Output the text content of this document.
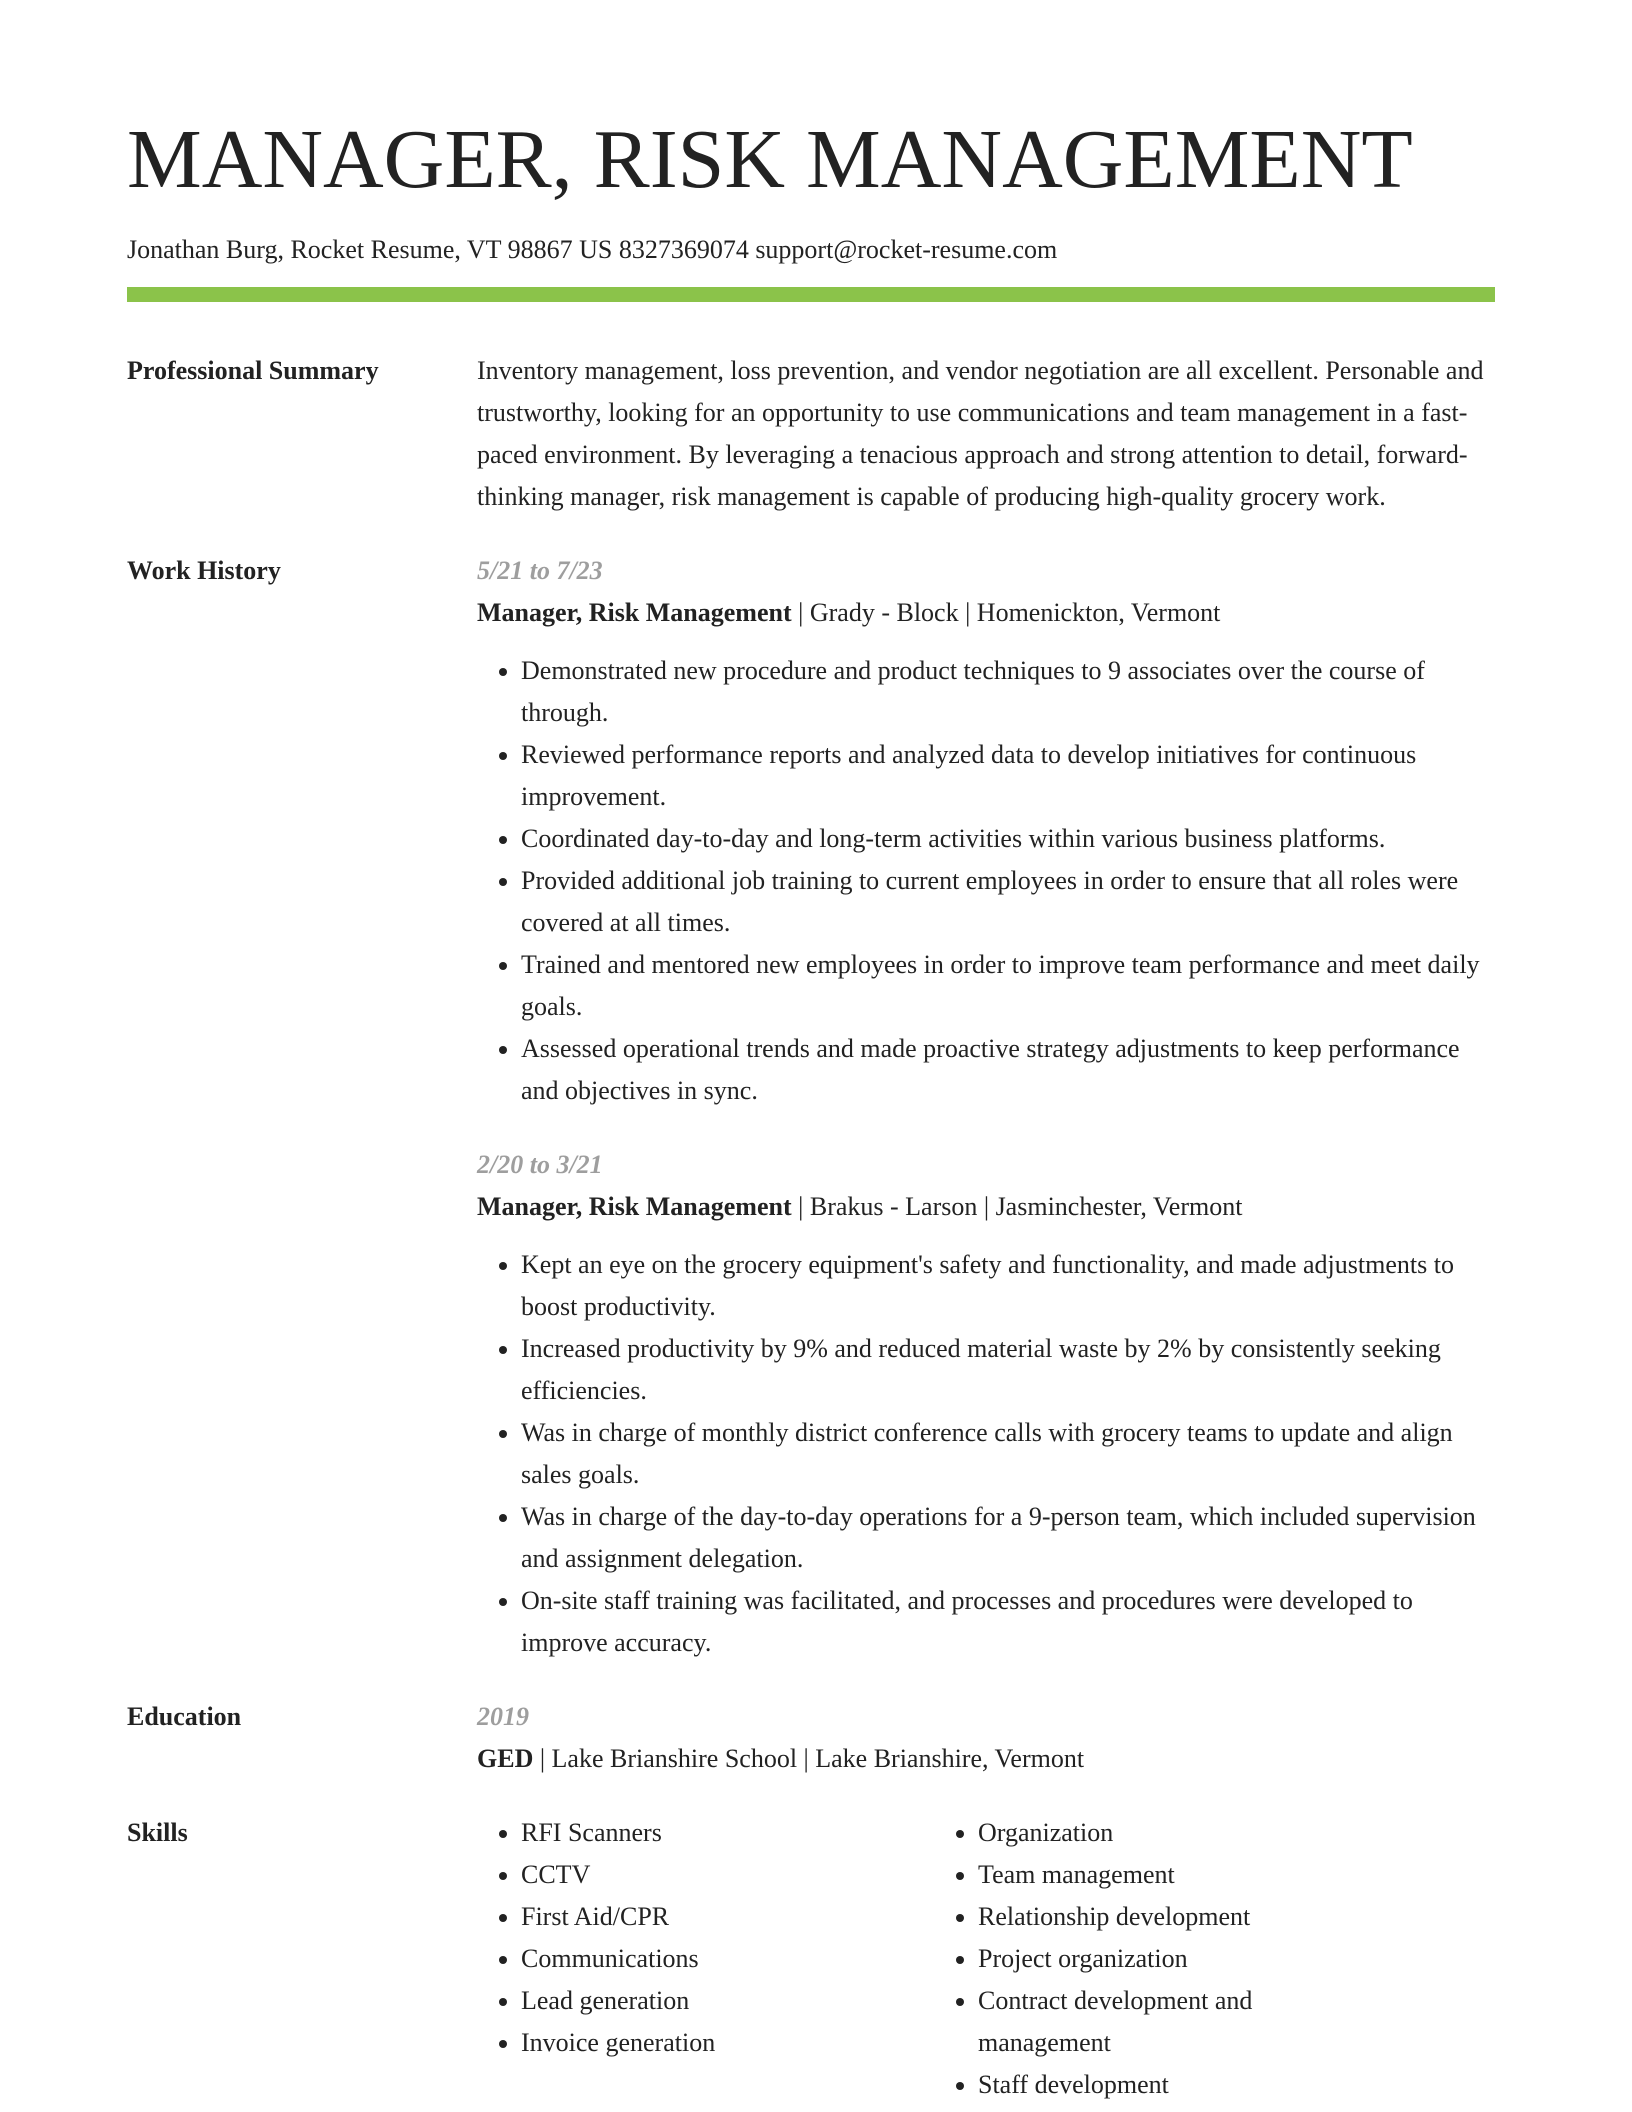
MANAGER, RISK MANAGEMENT
Jonathan Burg, Rocket Resume, VT 98867 US 8327369074 support@rocket-resume.com
Professional Summary	Inventory management, loss prevention, and vendor negotiation are all excellent. Personable and trustworthy, looking for an opportunity to use communications and team management in a fast-paced environment. By leveraging a tenacious approach and strong attention to detail, forward-thinking manager, risk management is capable of producing high-quality grocery work.
Work History	5/21 to 7/23
Manager, Risk Management | Grady - Block | Homenickton, Vermont
• Demonstrated new procedure and product techniques to 9 associates over the course of through.
• Reviewed performance reports and analyzed data to develop initiatives for continuous improvement.
• Coordinated day-to-day and long-term activities within various business platforms.
• Provided additional job training to current employees in order to ensure that all roles were covered at all times.
• Trained and mentored new employees in order to improve team performance and meet daily goals.
• Assessed operational trends and made proactive strategy adjustments to keep performance and objectives in sync.
2/20 to 3/21
Manager, Risk Management | Brakus - Larson | Jasminchester, Vermont
• Kept an eye on the grocery equipment's safety and functionality, and made adjustments to boost productivity.
• Increased productivity by 9% and reduced material waste by 2% by consistently seeking efficiencies.
• Was in charge of monthly district conference calls with grocery teams to update and align sales goals.
• Was in charge of the day-to-day operations for a 9-person team, which included supervision and assignment delegation.
• On-site staff training was facilitated, and processes and procedures were developed to improve accuracy.
Education	2019
GED | Lake Brianshire School | Lake Brianshire, Vermont
Skills
•	RFI Scanners
• CCTV
• First Aid/CPR
• Communications
• Lead generation
• Invoice generation
• Organization
• Team management
• Relationship development
• Project organization
• Contract development and management
• Staff development
